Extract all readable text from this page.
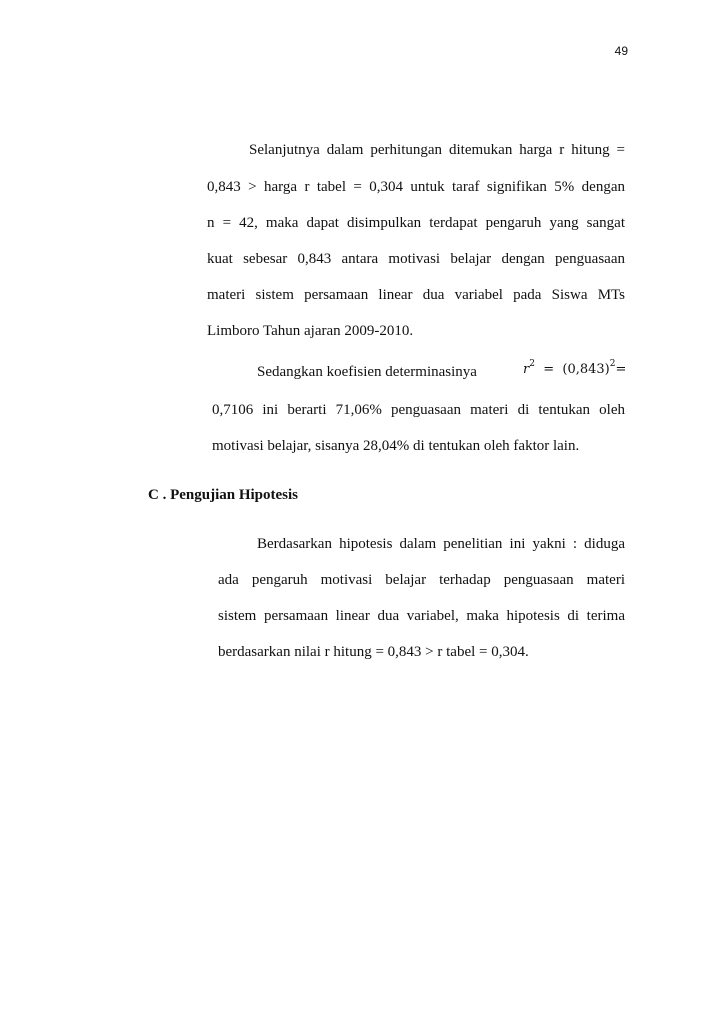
49
Selanjutnya dalam perhitungan ditemukan harga r hitung =
0,843 > harga r tabel = 0,304 untuk taraf signifikan 5% dengan
n = 42, maka dapat disimpulkan terdapat pengaruh yang sangat
kuat sebesar 0,843 antara motivasi belajar dengan penguasaan
materi sistem persamaan linear dua variabel pada Siswa MTs
Limboro Tahun ajaran 2009-2010.
Sedangkan koefisien determinasinya	$r^2 = (0,843)^2=$
0,7106 ini berarti 71,06% penguasaan materi di tentukan oleh
motivasi belajar, sisanya 28,04% di tentukan oleh faktor lain.
C . Pengujian Hipotesis
Berdasarkan hipotesis dalam penelitian ini yakni : diduga
ada pengaruh motivasi belajar terhadap penguasaan materi
sistem persamaan linear dua variabel, maka hipotesis di terima
berdasarkan nilai r hitung = 0,843 > r tabel = 0,304.
